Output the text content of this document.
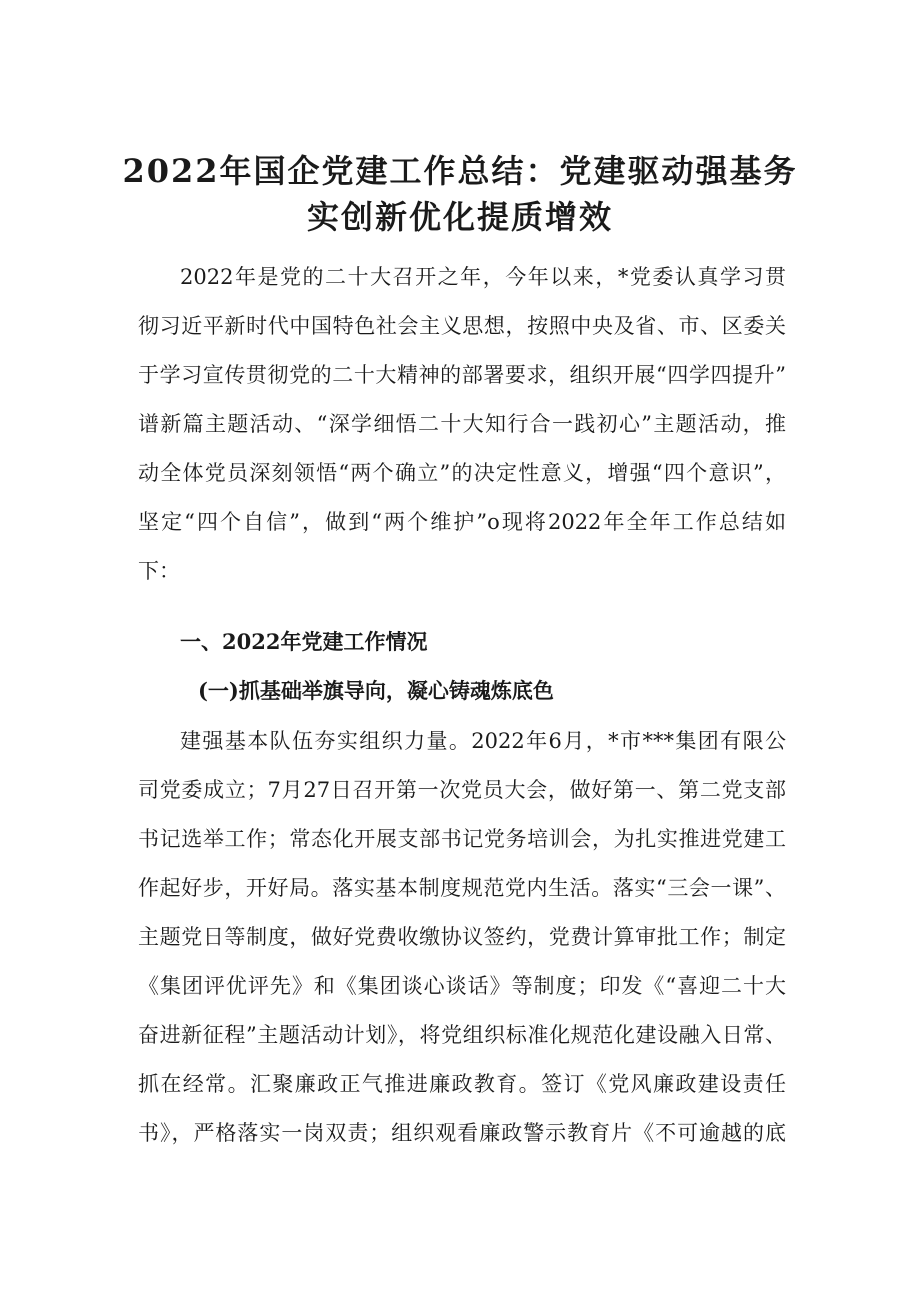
2022年国企党建工作总结：党建驱动强基务
实创新优化提质增效

2022年是党的二十大召开之年，今年以来，*党委认真学习贯

彻习近平新时代中国特色社会主义思想，按照中央及省、市、区委关

于学习宣传贯彻党的二十大精神的部署要求，组织开展“四学四提升”

谱新篇主题活动、“深学细悟二十大知行合一践初心”主题活动，推

动全体党员深刻领悟“两个确立”的决定性意义，增强“四个意识”，

坚定“四个自信”，做到“两个维护”o现将2022年全年工作总结如

下：

一、2022年党建工作情况
(一)抓基础举旗导向，凝心铸魂炼底色

建强基本队伍夯实组织力量。2022年6月，*市***集团有限公

司党委成立；7月27日召开第一次党员大会，做好第一、第二党支部

书记选举工作；常态化开展支部书记党务培训会，为扎实推进党建工

作起好步，开好局。落实基本制度规范党内生活。落实“三会一课”、

主题党日等制度，做好党费收缴协议签约，党费计算审批工作；制定

《集团评优评先》和《集团谈心谈话》等制度；印发《“喜迎二十大

奋进新征程”主题活动计划》，将党组织标准化规范化建设融入日常、

抓在经常。汇聚廉政正气推进廉政教育。签订《党风廉政建设责任

书》，严格落实一岗双责；组织观看廉政警示教育片《不可逾越的底
